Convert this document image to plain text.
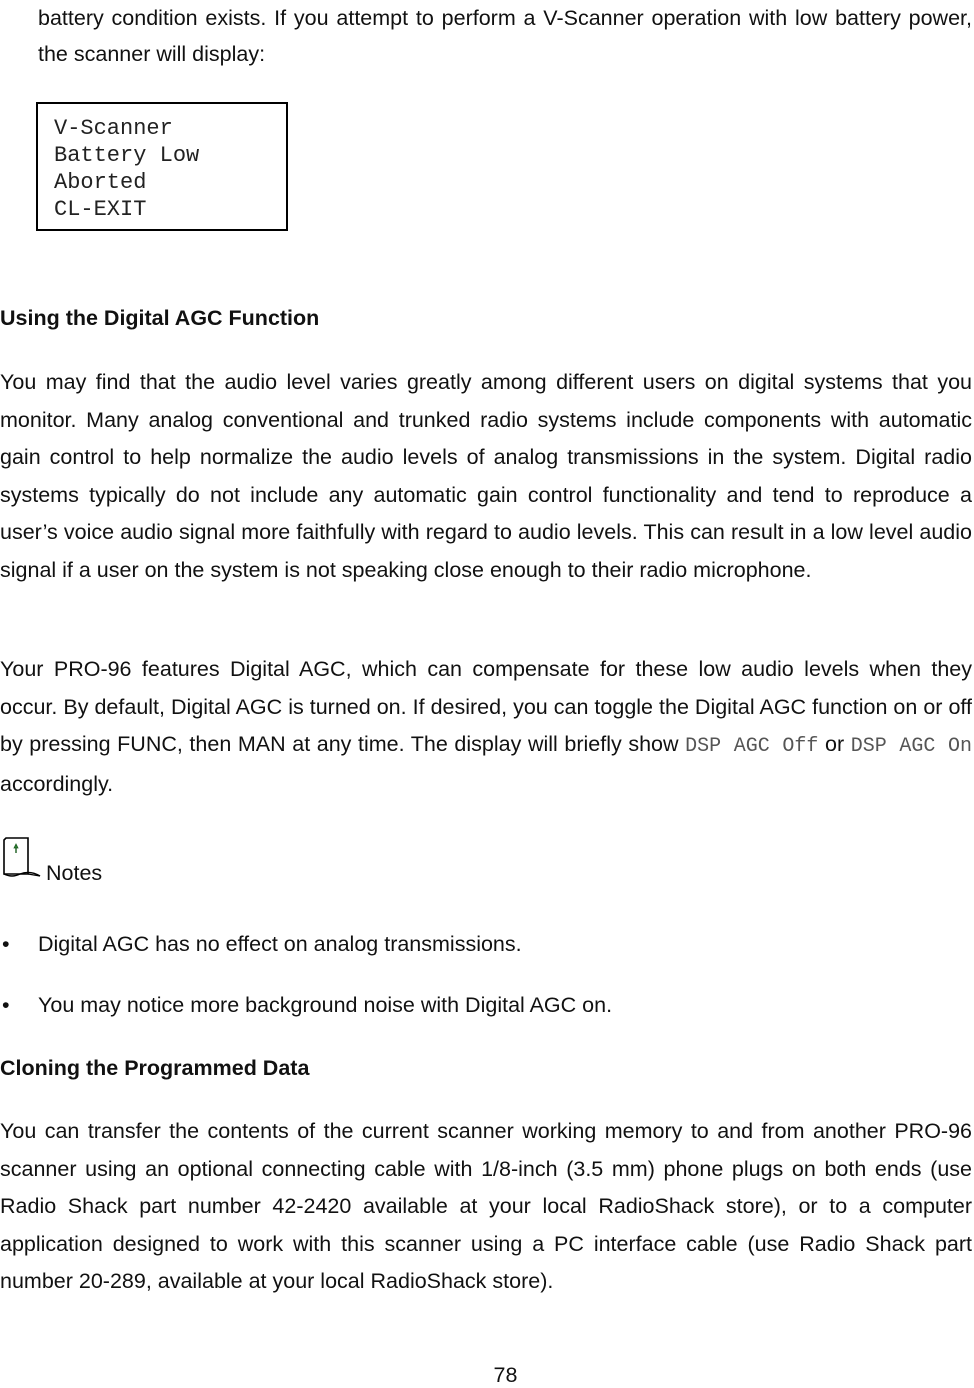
battery condition exists. If you attempt to perform a V-Scanner operation with low battery power, the scanner will display:

V-Scanner
Battery Low
Aborted
CL-EXIT
Using the Digital AGC Function

You may find that the audio level varies greatly among different users on digital systems that you monitor. Many analog conventional and trunked radio systems include components with automatic gain control to help normalize the audio levels of analog transmissions in the system. Digital radio systems typically do not include any automatic gain control functionality and tend to reproduce a user’s voice audio signal more faithfully with regard to audio levels. This can result in a low level audio signal if a user on the system is not speaking close enough to their radio microphone.

Your PRO-96 features Digital AGC, which can compensate for these low audio levels when they occur. By default, Digital AGC is turned on. If desired, you can toggle the Digital AGC function on or off by pressing FUNC, then MAN at any time. The display will briefly show DSP AGC Off or DSP AGC On accordingly.

Notes
• Digital AGC has no effect on analog transmissions.
• You may notice more background noise with Digital AGC on.
Cloning the Programmed Data

You can transfer the contents of the current scanner working memory to and from another PRO-96 scanner using an optional connecting cable with 1/8-inch (3.5 mm) phone plugs on both ends (use Radio Shack part number 42-2420 available at your local RadioShack store), or to a computer application designed to work with this scanner using a PC interface cable (use Radio Shack part number 20-289, available at your local RadioShack store).

78
